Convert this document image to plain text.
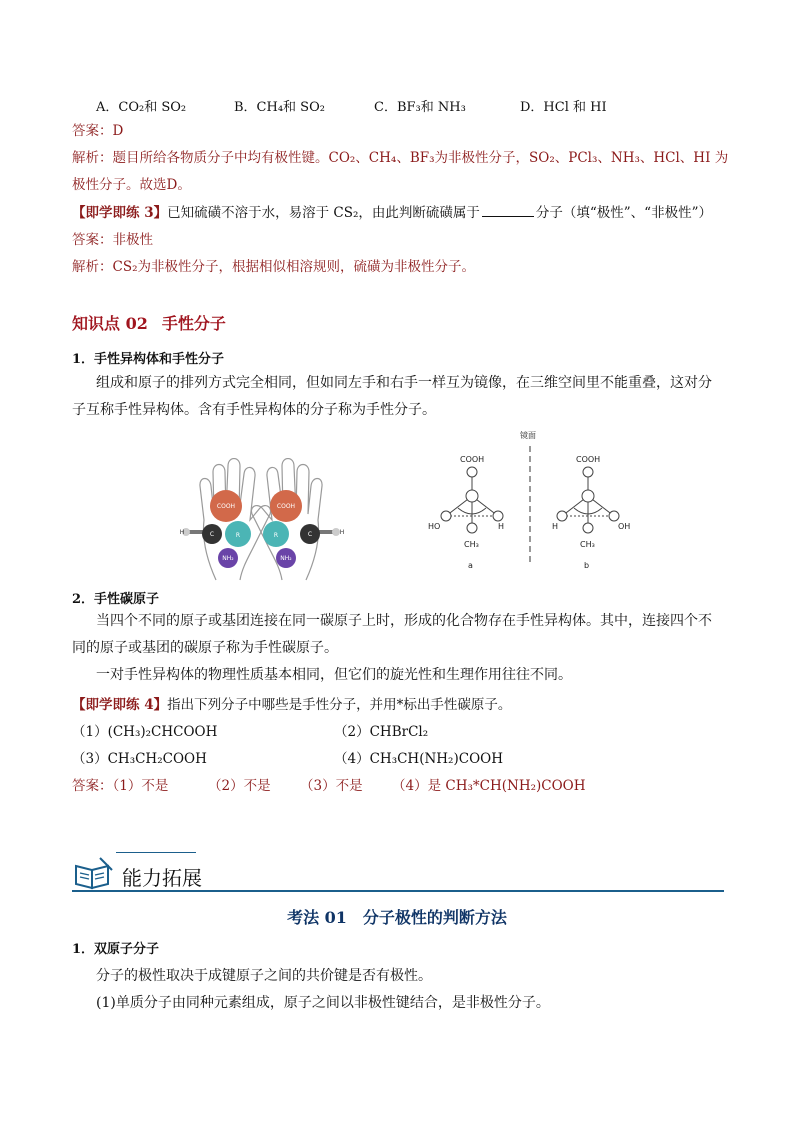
A．CO₂和 SO₂	B．CH₄和 SO₂	C．BF₃和 NH₃	D．HCl 和 HI
答案：D
解析：题目所给各物质分子中均有极性键。CO₂、CH₄、BF₃为非极性分子，SO₂、PCl₃、NH₃、HCl、HI 为
极性分子。故选D。
【即学即练 3】已知硫磺不溶于水，易溶于 CS₂，由此判断硫磺属于	分子（填“极性”、“非极性”）
答案：非极性
解析：CS₂为非极性分子，根据相似相溶规则，硫磺为非极性分子。
知识点 02 手性分子
1．手性异构体和手性分子
组成和原子的排列方式完全相同，但如同左手和右手一样互为镜像，在三维空间里不能重叠，这对分子互称手性异构体。含有手性异构体的分子称为手性分子。
COOH
C	R
NH₂
COOH
C
R
NH₂
H	H
镜面
COOH
HO	H
CH₃
a
COOH
H	OH
CH₃
b
2．手性碳原子
当四个不同的原子或基团连接在同一碳原子上时，形成的化合物存在手性异构体。其中，连接四个不同的原子或基团的碳原子称为手性碳原子。
一对手性异构体的物理性质基本相同，但它们的旋光性和生理作用往往不同。
【即学即练 4】指出下列分子中哪些是手性分子，并用*标出手性碳原子。
（1）(CH₃)₂CHCOOH	（2）CHBrCl₂
（3）CH₃CH₂COOH	（4）CH₃CH(NH₂)COOH
答案：（1）不是	（2）不是 （3）不是 （4）是 CH₃*CH(NH₂)COOH
能力拓展
考法 01 分子极性的判断方法
1．双原子分子
分子的极性取决于成键原子之间的共价键是否有极性。
(1)单质分子由同种元素组成，原子之间以非极性键结合，是非极性分子。
